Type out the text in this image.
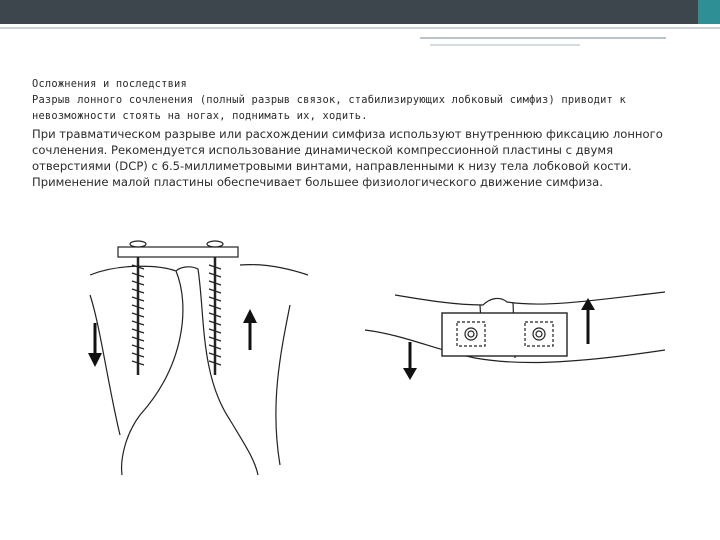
Осложнения и последствия

Разрыв лонного сочленения (полный разрыв связок, стабилизирующих лобковый симфиз) приводит к невозможности стоять на ногах, поднимать их, ходить.

При травматическом разрыве или расхождении симфиза используют внутреннюю фиксацию лонного сочленения. Рекомендуется использование динамической компрессионной пластины с двумя отверстиями (DCP) с 6.5-миллиметровыми винтами, направленными к низу тела лобковой кости. Применение малой пластины обеспечивает большее физиологического движение симфиза.
